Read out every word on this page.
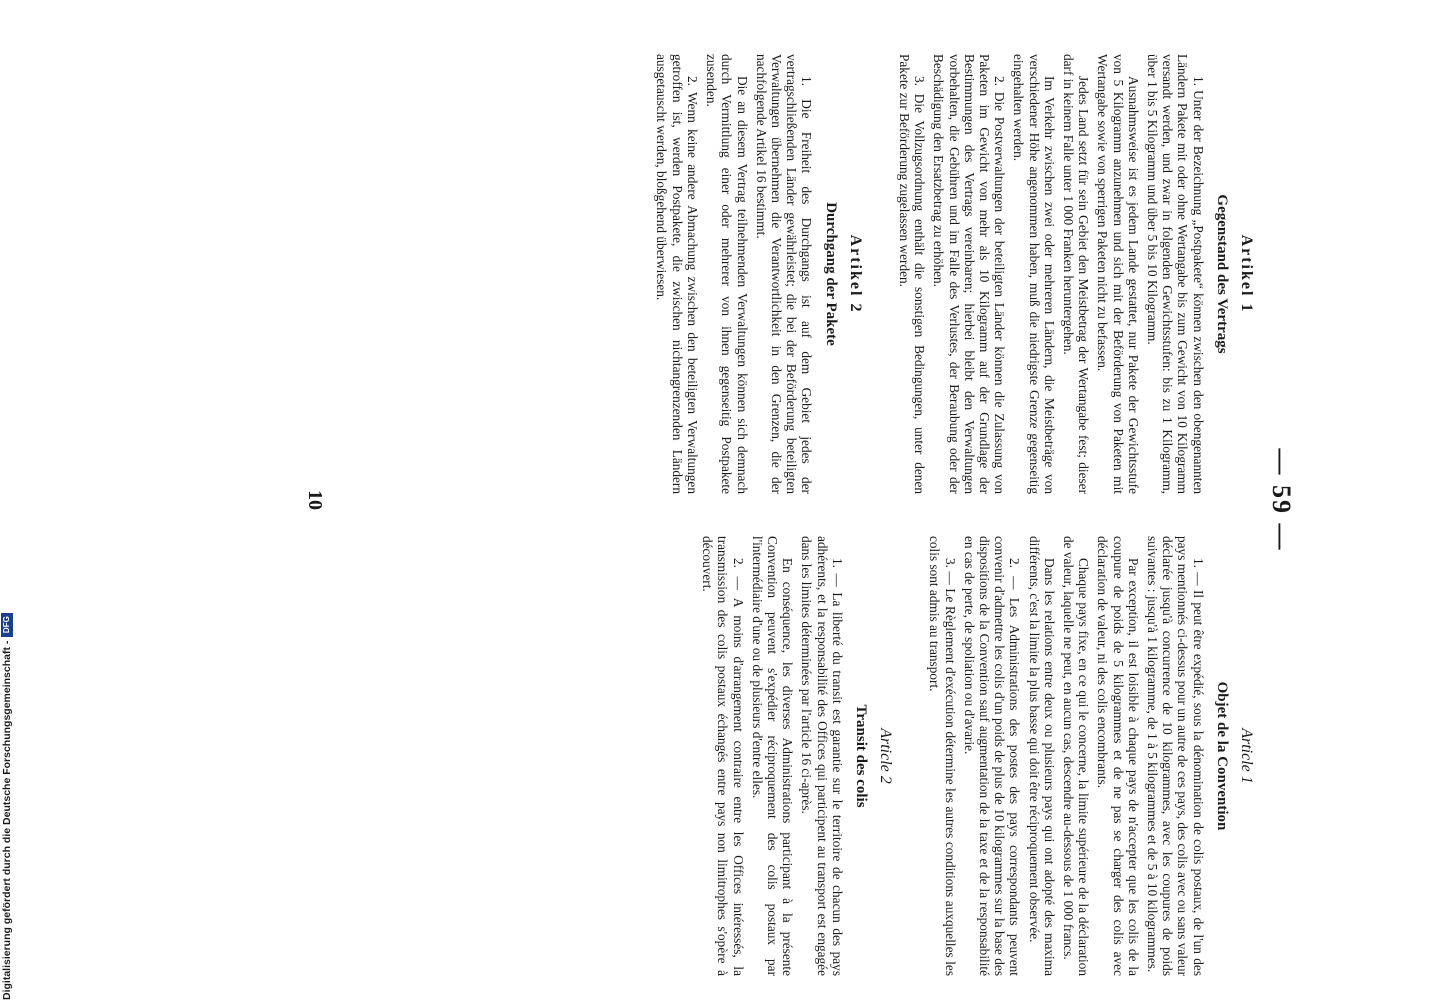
— 59 —
Artikel 1
Gegenstand des Vertrags

1. Unter der Bezeichnung „Postpakete“ können zwischen den obengenannten Ländern Pakete mit oder ohne Wertangabe bis zum Gewicht von 10 Kilogramm versandt werden, und zwar in folgenden Gewichtsstufen: bis zu 1 Kilogramm, über 1 bis 5 Kilogramm und über 5 bis 10 Kilogramm.

Ausnahmsweise ist es jedem Lande gestattet, nur Pakete der Gewichtsstufe von 5 Kilogramm anzunehmen und sich mit der Beförderung von Paketen mit Wertangabe sowie von sperrigen Paketen nicht zu befassen.

Jedes Land setzt für sein Gebiet den Meistbetrag der Wertangabe fest; dieser darf in keinem Falle unter 1 000 Franken heruntergehen.

Im Verkehr zwischen zwei oder mehreren Ländern, die Meistbeträge von verschiedener Höhe angenommen haben, muß die niedrigste Grenze gegenseitig eingehalten werden.

2. Die Postverwaltungen der beteiligten Länder können die Zulassung von Paketen im Gewicht von mehr als 10 Kilogramm auf der Grundlage der Bestimmungen des Vertrags vereinbaren; hierbei bleibt den Verwaltungen vorbehalten, die Gebühren und im Falle des Verlustes, der Beraubung oder der Beschädigung den Ersatzbetrag zu erhöhen.

3. Die Vollzugsordnung enthält die sonstigen Bedingungen, unter denen Pakete zur Beförderung zugelassen werden.

Artikel 2
Durchgang der Pakete

1. Die Freiheit des Durchgangs ist auf dem Gebiet jedes der vertragschließenden Länder gewährleistet; die bei der Beförderung beteiligten Verwaltungen übernehmen die Verantwortlichkeit in den Grenzen, die der nachfolgende Artikel 16 bestimmt.

Die an diesem Vertrag teilnehmenden Verwaltungen können sich demnach durch Vermittlung einer oder mehrerer von ihnen gegenseitig Postpakete zusenden.

2. Wenn keine andere Abmachung zwischen den beteiligten Verwaltungen getroffen ist, werden Postpakete, die zwischen nichtangrenzenden Ländern ausgetauscht werden, bloßgehend überwiesen.

Article 1
Objet de la Convention

1. — Il peut être expédié, sous la dénomination de colis postaux, de l'un des pays mentionnés ci-dessus pour un autre de ces pays, des colis avec ou sans valeur déclarée jusqu'à concurrence de 10 kilogrammes, avec les coupures de poids suivantes : jusqu'à 1 kilogramme, de 1 à 5 kilogrammes et de 5 à 10 kilogrammes.

Par exception, il est loisible à chaque pays de n'accepter que les colis de la coupure de poids de 5 kilogrammes et de ne pas se charger des colis avec déclaration de valeur, ni des colis encombrants.

Chaque pays fixe, en ce qui le concerne, la limite supérieure de la déclaration de valeur, laquelle ne peut, en aucun cas, descendre au-dessous de 1 000 francs.

Dans les relations entre deux ou plusieurs pays qui ont adopté des maxima différents, c'est la limite la plus basse qui doit être réciproquement observée.

2. — Les Administrations des postes des pays correspondants peuvent convenir d'admettre les colis d'un poids de plus de 10 kilogrammes sur la base des dispositions de la Convention sauf augmentation de la taxe et de la responsabilité en cas de perte, de spoliation ou d'avarie.

3. — Le Règlement d'exécution détermine les autres conditions auxquelles les colis sont admis au transport.

Article 2
Transit des colis

1. — La liberté du transit est garantie sur le territoire de chacun des pays adhérents, et la responsabilité des Offices qui participent au transport est engagée dans les limites déterminées par l'article 16 ci-après.

En conséquence, les diverses Administrations participant à la présente Convention peuvent s'expédier réciproquement des colis postaux par l'intermédiaire d'une ou de plusieurs d'entre elles.

2. — A moins d'arrangement contraire entre les Offices intéressés, la transmission des colis postaux échangés entre pays non limitrophes s'opère à découvert.

10
Digitalisierung gefördert durch die Deutsche Forschungsgemeinschaft -
DFG
